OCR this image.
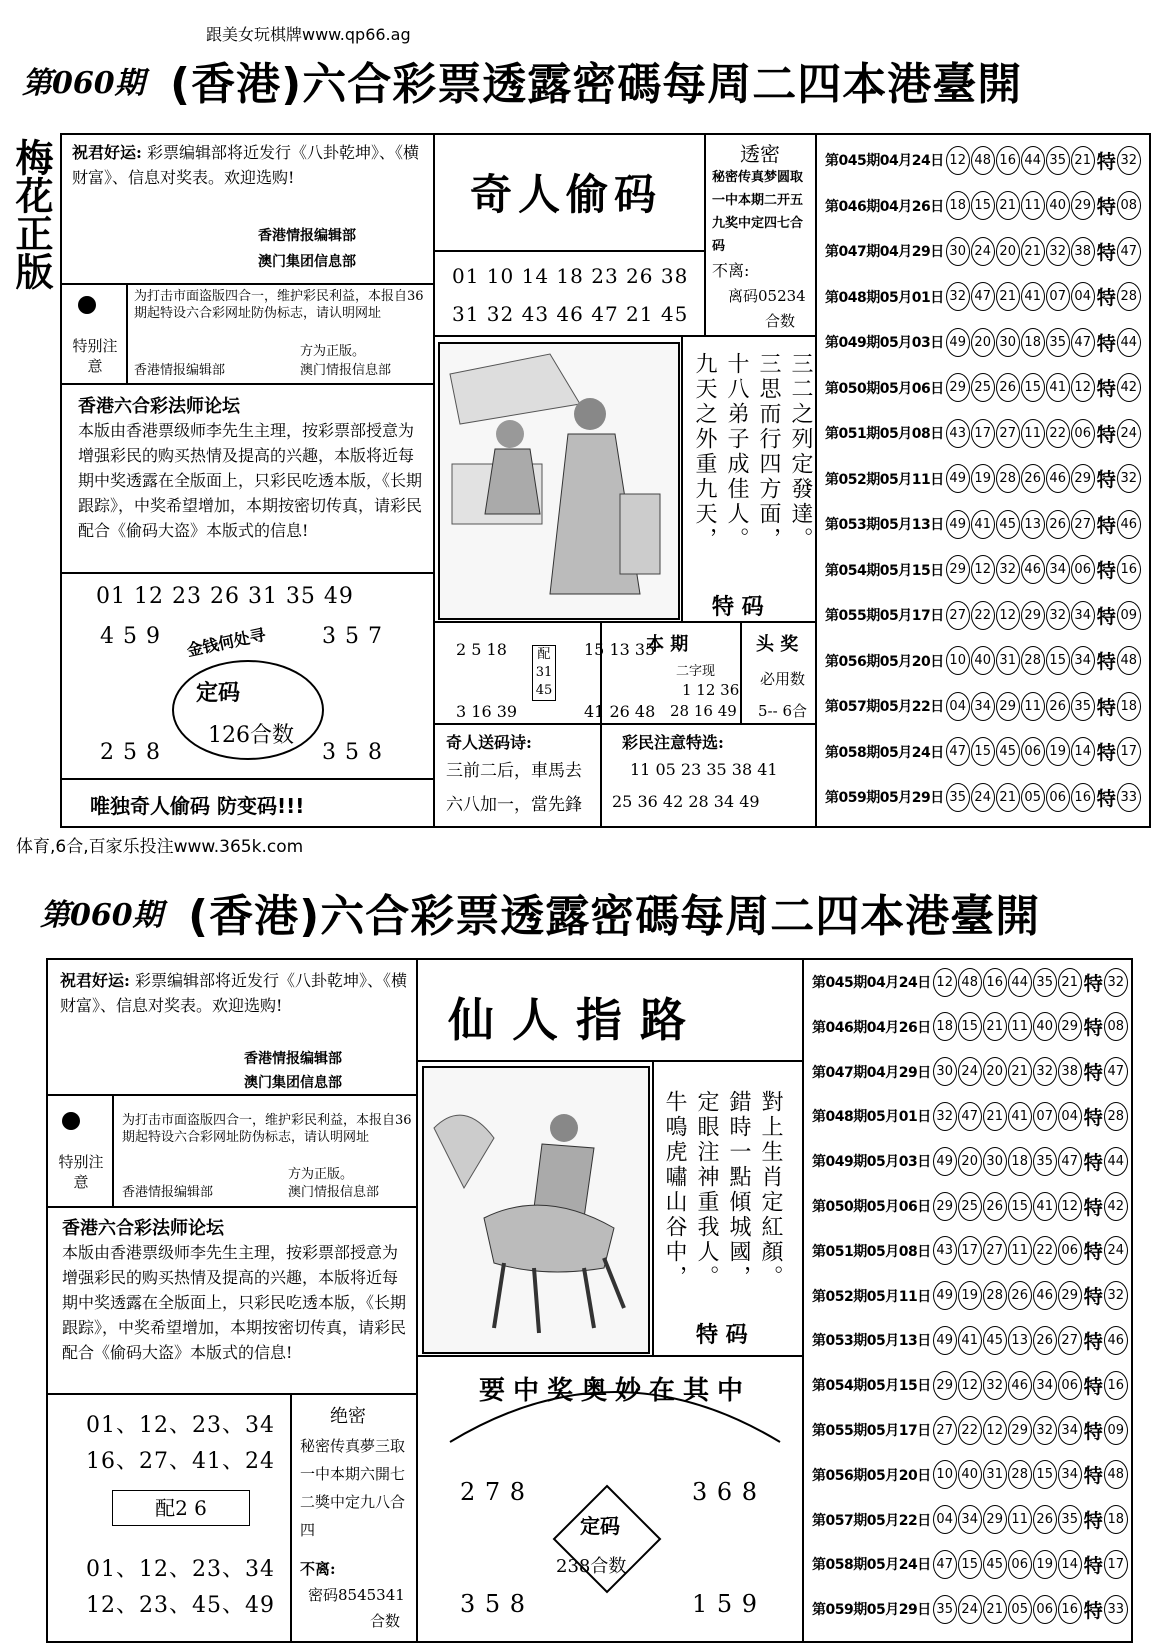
跟美女玩棋牌www.qp66.ag
第060期 (香港)六合彩票透露密碼每周二四本港臺開
梅花正版 祝君好运: 彩票编辑部将近发行《八卦乾坤》、《横财富》、信息对奖表。欢迎选购!
香港情报编辑部
澳门集团信息部
特别注意
为打击市面盗版四合一，维护彩民利益，本报自36期起特设六合彩网址防伪标志，请认明网址
方为正版。
香港情报编辑部	澳门情报信息部
香港六合彩法师论坛
本版由香港票级师李先生主理，按彩票部授意为增强彩民的购买热情及提高的兴趣，本版将近每期中奖透露在全版面上，只彩民吃透本版，《长期跟踪》，中奖希望增加，本期按密切传真，请彩民配合《偷码大盗》本版式的信息!
01 12 23 26 31 35 49
4 5 9 金钱何处寻 3 5 7
定码
126合数
2 5 8	3 5 8
唯独奇人偷码 防变码!!!
奇人偷码
01 10 14 18 23 26 38
31 32 43 46 47 21 45
透密
秘密传真梦圆取一中本期二开五九奖中定四七合码
不离:
离码05234
合数
三二之列定發達。
三思而行四方面，
十八弟子成佳人。
九天之外重九天，
特 码
2 5 18
3 16 39
配 31 45
15 13 35
41 26 48
本 期
二字现
1 12 36
28 16 49
头 奖
必用数
5-- 6合
奇人送码诗:
三前二后，車馬去
六八加一，當先鋒
彩民注意特选:
11 05 23 35 38 41
25 36 42 28 34 49
第045期04月24日 12 48 16 44 35 21 特 32
第046期04月26日 18 15 21 11 40 29 特 08
第047期04月29日 30 24 20 21 32 38 特 47
第048期05月01日 32 47 21 41 07 04 特 28
第049期05月03日 49 20 30 18 35 47 特 44
第050期05月06日 29 25 26 15 41 12 特 42
第051期05月08日 43 17 27 11 22 06 特 24
第052期05月11日 49 19 28 26 46 29 特 32
第053期05月13日 49 41 45 13 26 27 特 46
第054期05月15日 29 12 32 46 34 06 特 16
第055期05月17日 27 22 12 29 32 34 特 09
第056期05月20日 10 40 31 28 15 34 特 48
第057期05月22日 04 34 29 11 26 35 特 18
第058期05月24日 47 15 45 06 19 14 特 17
第059期05月29日 35 24 21 05 06 16 特 33
体育,6合,百家乐投注www.365k.com
第060期 (香港)六合彩票透露密碼每周二四本港臺開
祝君好运: 彩票编辑部将近发行《八卦乾坤》、《横财富》、信息对奖表。欢迎选购!
香港情报编辑部
澳门集团信息部
特别注意
为打击市面盗版四合一，维护彩民利益，本报自36期起特设六合彩网址防伪标志，请认明网址
方为正版。
香港情报编辑部	澳门情报信息部
香港六合彩法师论坛
本版由香港票级师李先生主理，按彩票部授意为增强彩民的购买热情及提高的兴趣，本版将近每期中奖透露在全版面上，只彩民吃透本版，《长期跟踪》，中奖希望增加，本期按密切传真，请彩民配合《偷码大盗》本版式的信息!
01、12、23、34
16、27、41、24
配2 6
01、12、23、34
12、23、45、49
绝密
秘密传真夢三取一中本期六開七二獎中定九八合四
不离:
密码8545341
合数
仙人指路
對上生肖定紅顏。
錯時一點傾城國，
定眼注神重我人。
牛鳴虎嘯山谷中，
特 码
要中奖奥妙在其中
2 7 8	3 6 8
定码
238合数
3 5 8	1 5 9
第045期04月24日 12 48 16 44 35 21 特 32
第046期04月26日 18 15 21 11 40 29 特 08
第047期04月29日 30 24 20 21 32 38 特 47
第048期05月01日 32 47 21 41 07 04 特 28
第049期05月03日 49 20 30 18 35 47 特 44
第050期05月06日 29 25 26 15 41 12 特 42
第051期05月08日 43 17 27 11 22 06 特 24
第052期05月11日 49 19 28 26 46 29 特 32
第053期05月13日 49 41 45 13 26 27 特 46
第054期05月15日 29 12 32 46 34 06 特 16
第055期05月17日 27 22 12 29 32 34 特 09
第056期05月20日 10 40 31 28 15 34 特 48
第057期05月22日 04 34 29 11 26 35 特 18
第058期05月24日 47 15 45 06 19 14 特 17
第059期05月29日 35 24 21 05 06 16 特 33
